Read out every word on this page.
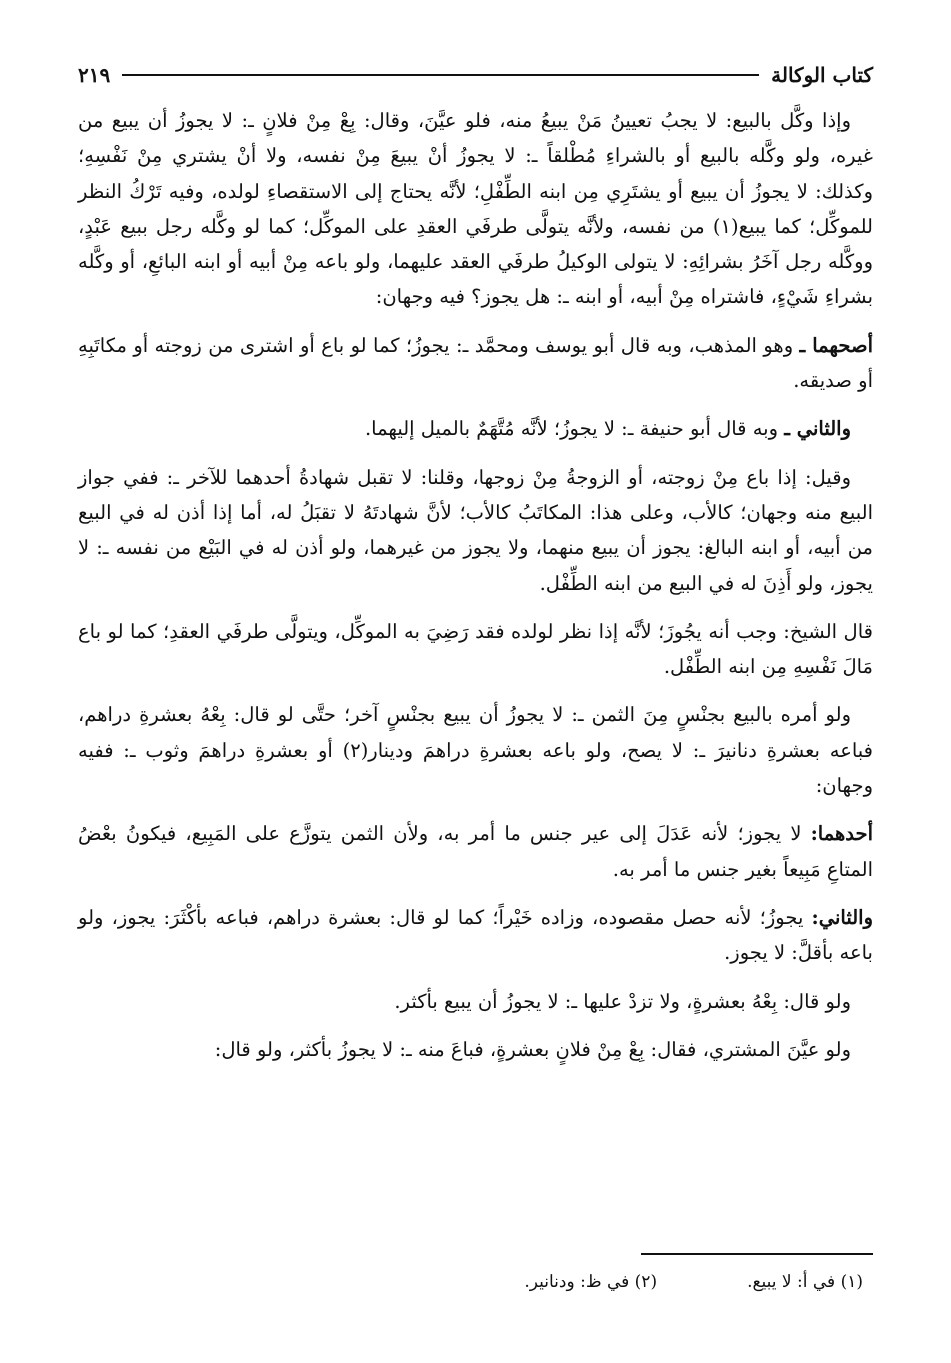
كتاب الوكالة
٢١٩

وإذا وكَّل بالبيع: لا يجبُ تعيينُ مَنْ يبيعُ منه، فلو عيَّنَ، وقال: بِعْ مِنْ فلانٍ ـ: لا يجوزُ أن يبيع من غيره، ولو وكَّله بالبيع أو بالشراءِ مُطْلقاً ـ: لا يجوزُ أنْ يبيعَ مِنْ نفسه، ولا أنْ يشتري مِنْ نَفْسِهِ؛ وكذلك: لا يجوزُ أن يبيع أو يشتَرِي مِن ابنه الطِّفْلِ؛ لأنَّه يحتاج إلى الاستقصاءِ لولده، وفيه تَرْكُ النظر للموكِّل؛ كما يبيع(١) من نفسه، ولأنَّه يتولَّى طرفَي العقدِ على الموكِّل؛ كما لو وكَّله رجل ببيع عَبْدٍ، ووكَّله رجل آخَرُ بشرائِهِ: لا يتولى الوكيلُ طرفَي العقد عليهما، ولو باعه مِنْ أبيه أو ابنه البائعِ، أو وكَّله بشراءِ شَيْءٍ، فاشتراه مِنْ أبيه، أو ابنه ـ: هل يجوز؟ فيه وجهان:

أصحهما ـ وهو المذهب، وبه قال أبو يوسف ومحمَّد ـ: يجوزُ؛ كما لو باع أو اشترى من زوجته أو مكاتَبِهِ أو صديقه.

والثاني ـ وبه قال أبو حنيفة ـ: لا يجوزُ؛ لأنَّه مُتَّهَمٌ بالميل إليهما.

وقيل: إذا باع مِنْ زوجته، أو الزوجةُ مِنْ زوجها، وقلنا: لا تقبل شهادةُ أحدهما للآخر ـ: ففي جواز البيع منه وجهان؛ كالأب، وعلى هذا: المكاتَبُ كالأب؛ لأنَّ شهادتَهُ لا تقبَلُ له، أما إذا أذن له في البيع من أبيه، أو ابنه البالغ: يجوز أن يبيع منهما، ولا يجوز من غيرهما، ولو أذن له في البَيْع من نفسه ـ: لا يجوز، ولو أَذِنَ له في البيع من ابنه الطِّفْل.

قال الشيخ: وجب أنه يجُوزَ؛ لأنَّه إذا نظر لولده فقد رَضِيَ به الموكِّل، ويتولَّى طرفَي العقدِ؛ كما لو باع مَالَ نَفْسِهِ مِن ابنه الطِّفْل.

ولو أمره بالبيع بجنْسٍ مِنَ الثمن ـ: لا يجوزُ أن يبيع بجنْسٍ آخر؛ حتَّى لو قال: بِعْهُ بعشرةِ دراهم، فباعه بعشرةِ دنانيرَ ـ: لا يصح، ولو باعه بعشرةِ دراهمَ ودينار(٢) أو بعشرةِ دراهمَ وثوب ـ: ففيه وجهان:

أحدهما: لا يجوز؛ لأنه عَدَلَ إلى عير جنس ما أمر به، ولأن الثمن يتوزَّع على المَبِيع، فيكونُ بعْضُ المتاعِ مَبِيعاً بغير جنس ما أمر به.

والثاني: يجوزُ؛ لأنه حصل مقصوده، وزاده خَيْراً؛ كما لو قال: بعشرة دراهم، فباعه بأكْثَرَ: يجوز، ولو باعه بأقلَّ: لا يجوز.

ولو قال: بِعْهُ بعشرةٍ، ولا تزدْ عليها ـ: لا يجوزُ أن يبيع بأكثر.

ولو عيَّنَ المشتري، فقال: بِعْ مِنْ فلانٍ بعشرةٍ، فباعَ منه ـ: لا يجوزُ بأكثر، ولو قال:

(١) في أ: لا يبيع.
(٢) في ظ: ودنانير.
